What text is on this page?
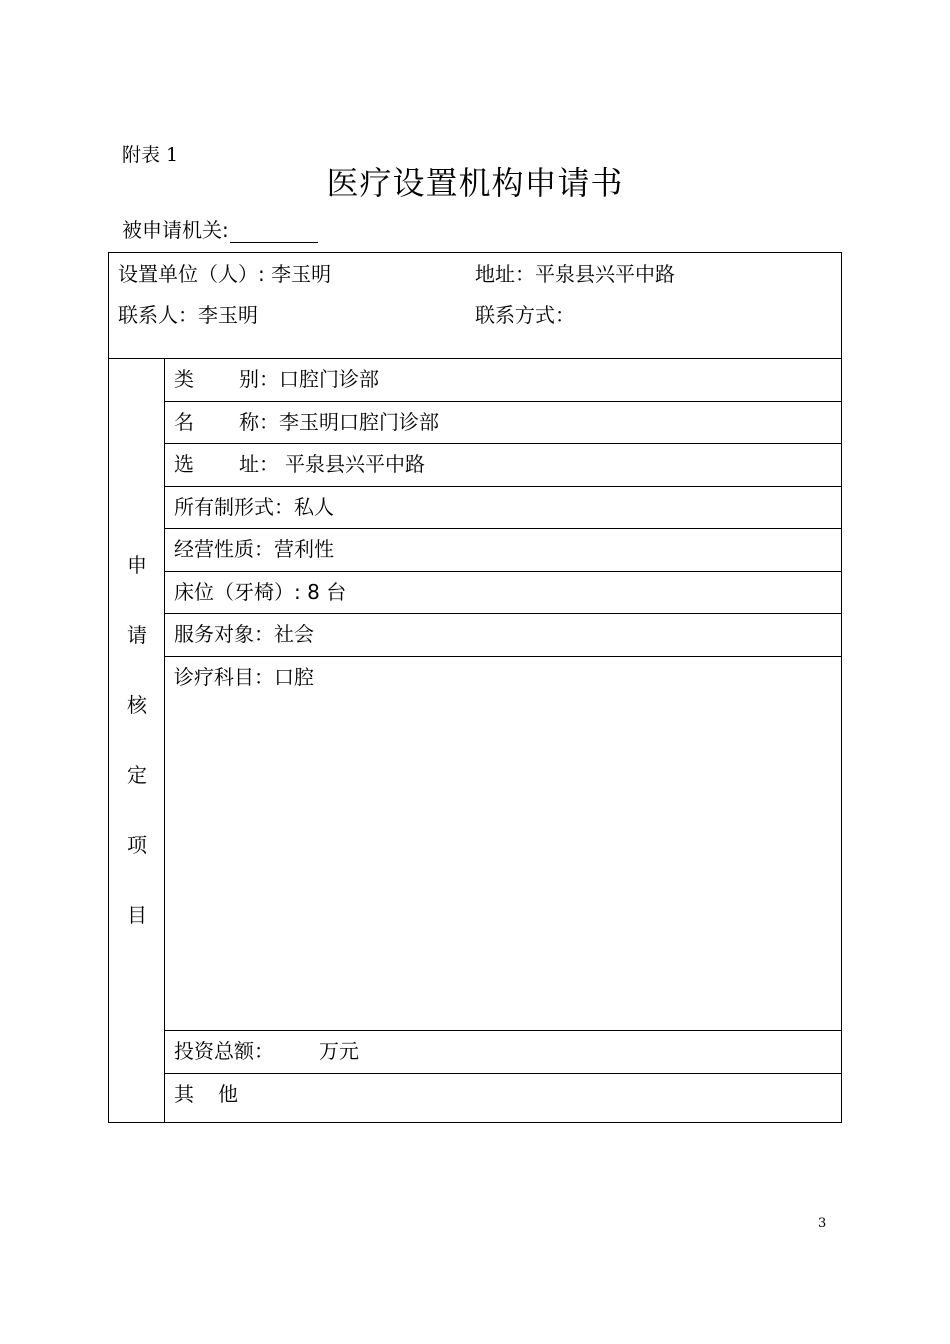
附表 1
医疗设置机构申请书
被申请机关:
设置单位（人）: 李玉明	地址：平泉县兴平中路
联系人：李玉明	联系方式：
申
请
核
定
项
目
类 别：口腔门诊部
名 称：李玉明口腔门诊部
选 址： 平泉县兴平中路
所有制形式：私人
经营性质：营利性
床位（牙椅）: 8 台
服务对象：社会
诊疗科目：口腔
投资总额： 万元
其 他
3
